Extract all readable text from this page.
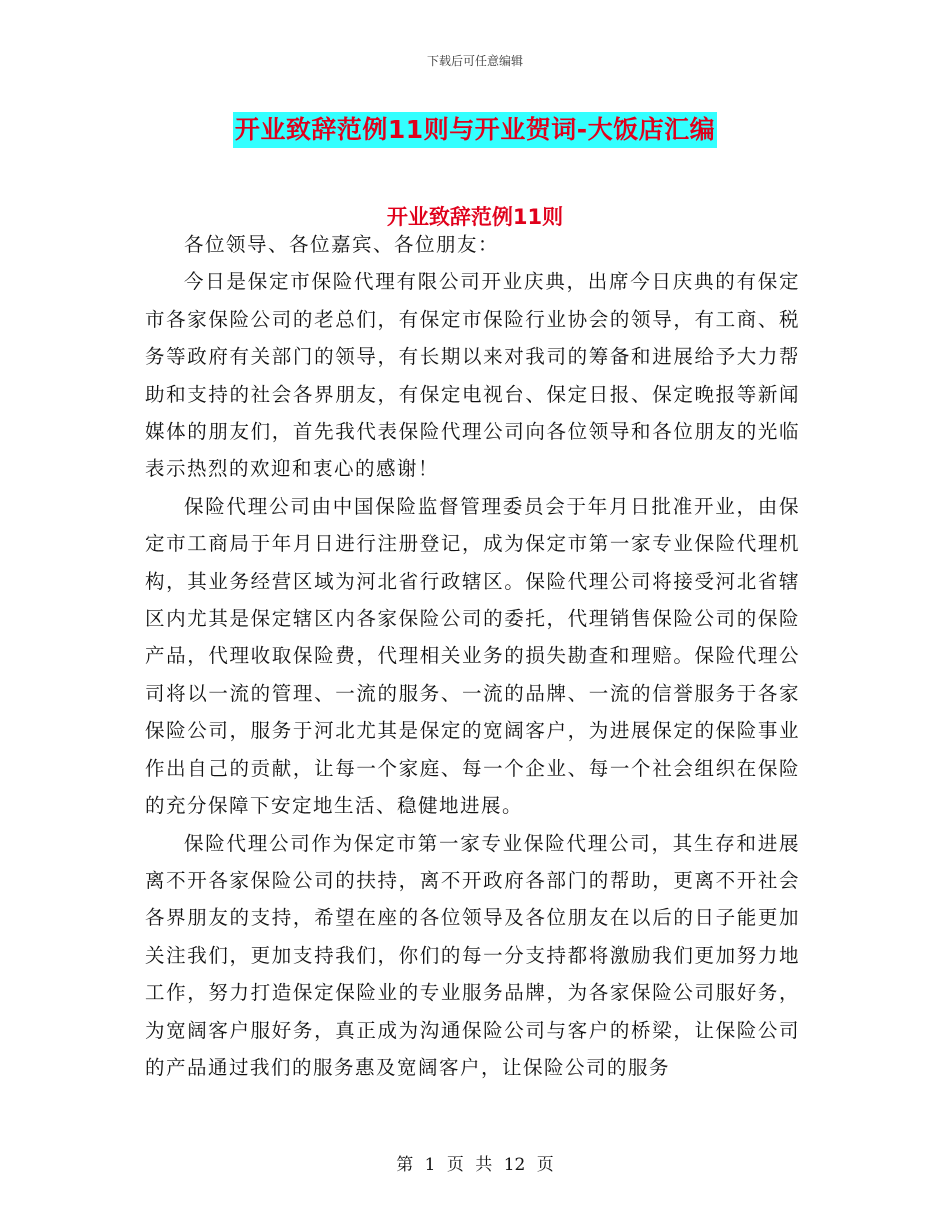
下载后可任意编辑
开业致辞范例11则与开业贺词-大饭店汇编
开业致辞范例11则

各位领导、各位嘉宾、各位朋友：

今日是保定市保险代理有限公司开业庆典，出席今日庆典的有保定市各家保险公司的老总们，有保定市保险行业协会的领导，有工商、税务等政府有关部门的领导，有长期以来对我司的筹备和进展给予大力帮助和支持的社会各界朋友，有保定电视台、保定日报、保定晚报等新闻媒体的朋友们，首先我代表保险代理公司向各位领导和各位朋友的光临表示热烈的欢迎和衷心的感谢！

保险代理公司由中国保险监督管理委员会于年月日批准开业，由保定市工商局于年月日进行注册登记，成为保定市第一家专业保险代理机构，其业务经营区域为河北省行政辖区。保险代理公司将接受河北省辖区内尤其是保定辖区内各家保险公司的委托，代理销售保险公司的保险产品，代理收取保险费，代理相关业务的损失勘查和理赔。保险代理公司将以一流的管理、一流的服务、一流的品牌、一流的信誉服务于各家保险公司，服务于河北尤其是保定的宽阔客户，为进展保定的保险事业作出自己的贡献，让每一个家庭、每一个企业、每一个社会组织在保险的充分保障下安定地生活、稳健地进展。

保险代理公司作为保定市第一家专业保险代理公司，其生存和进展离不开各家保险公司的扶持，离不开政府各部门的帮助，更离不开社会各界朋友的支持，希望在座的各位领导及各位朋友在以后的日子能更加关注我们，更加支持我们，你们的每一分支持都将激励我们更加努力地工作，努力打造保定保险业的专业服务品牌，为各家保险公司服好务，为宽阔客户服好务，真正成为沟通保险公司与客户的桥梁，让保险公司的产品通过我们的服务惠及宽阔客户，让保险公司的服务

第 1 页 共 12 页
